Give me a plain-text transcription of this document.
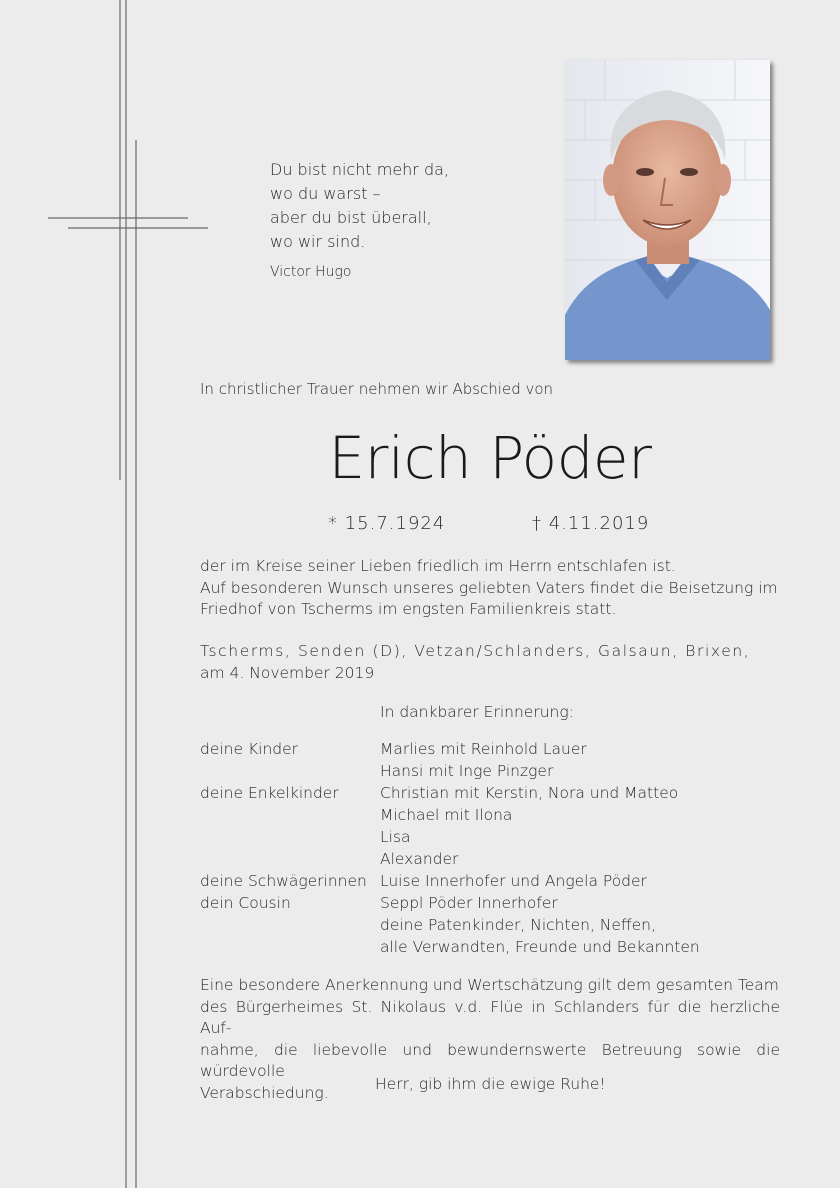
Du bist nicht mehr da,
wo du warst –
aber du bist überall,
wo wir sind.
Victor Hugo
In christlicher Trauer nehmen wir Abschied von
Erich Pöder
* 15.7.1924	† 4.11.2019
der im Kreise seiner Lieben friedlich im Herrn entschlafen ist.
Auf besonderen Wunsch unseres geliebten Vaters findet die Beisetzung im
Friedhof von Tscherms im engsten Familienkreis statt.
Tscherms, Senden (D), Vetzan/Schlanders, Galsaun, Brixen,
am 4. November 2019
In dankbarer Erinnerung:
deine Kinder	Marlies mit Reinhold Lauer
Hansi mit Inge Pinzger
deine Enkelkinder	Christian mit Kerstin, Nora und Matteo
Michael mit Ilona
Lisa
Alexander
deine Schwägerinnen Luise Innerhofer und Angela Pöder
dein Cousin	Seppl Pöder Innerhofer
deine Patenkinder, Nichten, Neffen,
alle Verwandten, Freunde und Bekannten
Eine besondere Anerkennung und Wertschätzung gilt dem gesamten Team
des Bürgerheimes St. Nikolaus v.d. Flüe in Schlanders für die herzliche Auf-
nahme, die liebevolle und bewundernswerte Betreuung sowie die würdevolle
Verabschiedung.	Herr, gib ihm die ewige Ruhe!
